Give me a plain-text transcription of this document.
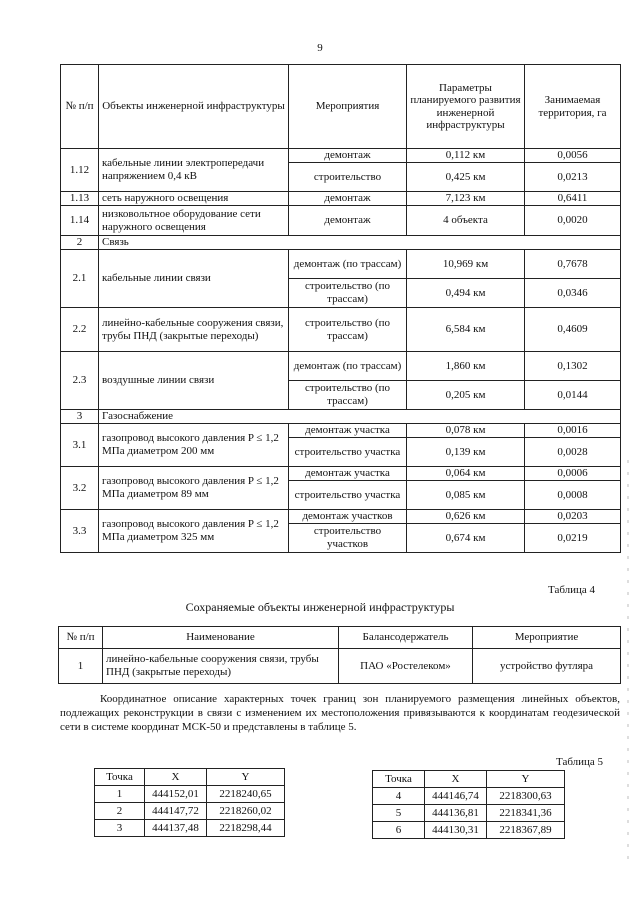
9
№ п/п	Объекты инженерной инфраструктуры	Мероприятия	Параметры планируемого развития инженерной инфраструктуры	Занимаемая территория, га
1.12	кабельные линии электропередачи напряжением 0,4 кВ	демонтаж	0,112 км	0,0056
		строительство	0,425 км	0,0213
1.13	сеть наружного освещения	демонтаж	7,123 км	0,6411
1.14	низковольтное оборудование сети наружного освещения	демонтаж	4 объекта	0,0020
2	Связь			
2.1	кабельные линии связи	демонтаж (по трассам)	10,969 км	0,7678
		строительство (по трассам)	0,494 км	0,0346
2.2	линейно-кабельные сооружения связи, трубы ПНД (закрытые переходы)	строительство (по трассам)	6,584 км	0,4609
2.3	воздушные линии связи	демонтаж (по трассам)	1,860 км	0,1302
		строительство (по трассам)	0,205 км	0,0144
3	Газоснабжение			
3.1	газопровод высокого давления P ≤ 1,2 МПа диаметром 200 мм	демонтаж участка	0,078 км	0,0016
		строительство участка	0,139 км	0,0028
3.2	газопровод высокого давления P ≤ 1,2 МПа диаметром 89 мм	демонтаж участка	0,064 км	0,0006
		строительство участка	0,085 км	0,0008
3.3	газопровод высокого давления P ≤ 1,2 МПа диаметром 325 мм	демонтаж участков	0,626 км	0,0203
		строительство участков	0,674 км	0,0219
Таблица 4
Сохраняемые объекты инженерной инфраструктуры
№ п/п	Наименование	Балансодержатель	Мероприятие
1	линейно-кабельные сооружения связи, трубы ПНД (закрытые переходы)	ПАО «Ростелеком»	устройство футляра
Координатное описание характерных точек границ зон планируемого размещения линейных объектов, подлежащих реконструкции в связи с изменением их местоположения привязываются к координатам геодезической сети в системе координат МСК-50 и представлены в таблице 5.
Таблица 5
Точка	X	Y
1	444152,01	2218240,65
2	444147,72	2218260,02
3	444137,48	2218298,44
Точка	X	Y
4	444146,74	2218300,63
5	444136,81	2218341,36
6	444130,31	2218367,89
